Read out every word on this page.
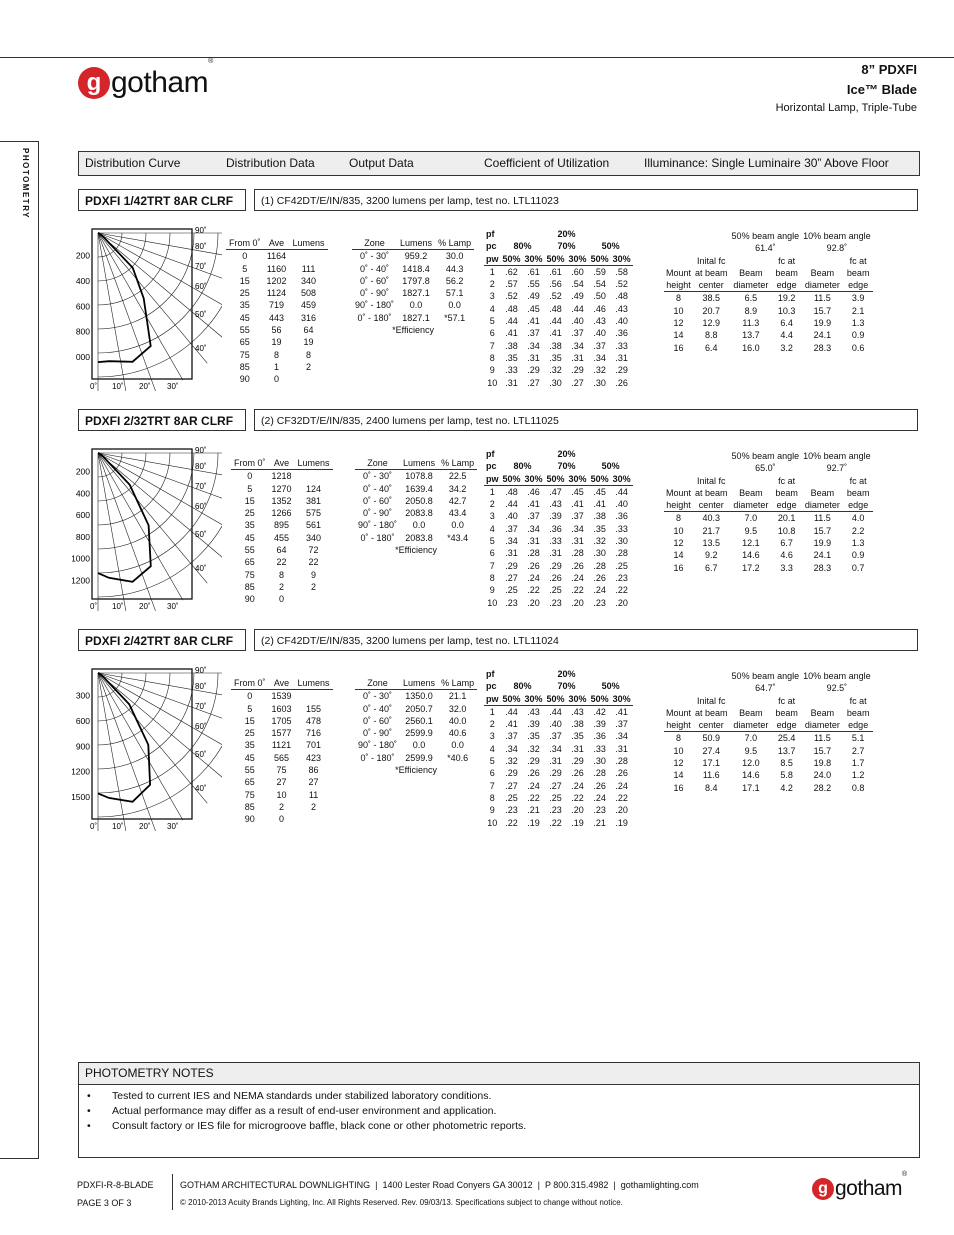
g gotham®
8” PDXFI
Ice™ Blade
Horizontal Lamp, Triple-Tube
PHOTOMETRY	Distribution Curve	Distribution Data	Output Data	Coefficient of Utilization	Illuminance: Single Luminaire 30” Above Floor
PDXFI 1/42TRT 8AR CLRF	(1) CF42DT/E/IN/835, 3200 lumens per lamp, test no. LTL11023
200
400
600
800
000
90˚
80˚
70˚
60˚
50˚
40˚
0˚ 10˚ 20˚ 30˚
From 0˚	Ave	Lumens
0	1164	
5	1160	111
15	1202	340
25	1124	508
35	719	459
45	443	316
55	56	64
65	19	19
75	8	8
85	1	2
90	0	
Zone	Lumens	% Lamp
0˚ - 30˚	959.2	30.0
0˚ - 40˚	1418.4	44.3
0˚ - 60˚	1797.8	56.2
0˚ - 90˚	1827.1	57.1
90˚ - 180˚	0.0	0.0
0˚ - 180˚	1827.1	*57.1
*Efficiency		
pf			20%			
pc	80%		70%		50%	
pw	50%	30%	50%	30%	50%	30%
1	.62	.61	.61	.60	.59	.58
2	.57	.55	.56	.54	.54	.52
3	.52	.49	.52	.49	.50	.48
4	.48	.45	.48	.44	.46	.43
5	.44	.41	.44	.40	.43	.40
6	.41	.37	.41	.37	.40	.36
7	.38	.34	.38	.34	.37	.33
8	.35	.31	.35	.31	.34	.31
9	.33	.29	.32	.29	.32	.29
10	.31	.27	.30	.27	.30	.26
		50% beam angle		10% beam angle	
		61.4˚		92.8˚	
	Inital fc		fc at		fc at
Mount	at beam	Beam	beam	Beam	beam
height	center	diameter	edge	diameter	edge
8	38.5	6.5	19.2	11.5	3.9
10	20.7	8.9	10.3	15.7	2.1
12	12.9	11.3	6.4	19.9	1.3
14	8.8	13.7	4.4	24.1	0.9
16	6.4	16.0	3.2	28.3	0.6
PDXFI 2/32TRT 8AR CLRF	(2) CF32DT/E/IN/835, 2400 lumens per lamp, test no. LTL11025
200
400
600
800
1000
1200
90˚
80˚
70˚
60˚
50˚
40˚
0˚ 10˚ 20˚ 30˚
From 0˚	Ave	Lumens
0	1218	
5	1270	124
15	1352	381
25	1266	575
35	895	561
45	455	340
55	64	72
65	22	22
75	8	9
85	2	2
90	0	
Zone	Lumens	% Lamp
0˚ - 30˚	1078.8	22.5
0˚ - 40˚	1639.4	34.2
0˚ - 60˚	2050.8	42.7
0˚ - 90˚	2083.8	43.4
90˚ - 180˚	0.0	0.0
0˚ - 180˚	2083.8	*43.4
*Efficiency		
pf			20%			
pc	80%		70%		50%	
pw	50%	30%	50%	30%	50%	30%
1	.48	.46	.47	.45	.45	.44
2	.44	.41	.43	.41	.41	.40
3	.40	.37	.39	.37	.38	.36
4	.37	.34	.36	.34	.35	.33
5	.34	.31	.33	.31	.32	.30
6	.31	.28	.31	.28	.30	.28
7	.29	.26	.29	.26	.28	.25
8	.27	.24	.26	.24	.26	.23
9	.25	.22	.25	.22	.24	.22
10	.23	.20	.23	.20	.23	.20
		50% beam angle		10% beam angle	
		65.0˚		92.7˚	
	Inital fc		fc at		fc at
Mount	at beam	Beam	beam	Beam	beam
height	center	diameter	edge	diameter	edge
8	40.3	7.0	20.1	11.5	4.0
10	21.7	9.5	10.8	15.7	2.2
12	13.5	12.1	6.7	19.9	1.3
14	9.2	14.6	4.6	24.1	0.9
16	6.7	17.2	3.3	28.3	0.7
PDXFI 2/42TRT 8AR CLRF	(2) CF42DT/E/IN/835, 3200 lumens per lamp, test no. LTL11024
300
600
900
1200
1500
90˚
80˚
70˚
60˚
50˚
40˚
0˚ 10˚ 20˚ 30˚
From 0˚	Ave	Lumens
0	1539	
5	1603	155
15	1705	478
25	1577	716
35	1121	701
45	565	423
55	75	86
65	27	27
75	10	11
85	2	2
90	0	
Zone	Lumens	% Lamp
0˚ - 30˚	1350.0	21.1
0˚ - 40˚	2050.7	32.0
0˚ - 60˚	2560.1	40.0
0˚ - 90˚	2599.9	40.6
90˚ - 180˚	0.0	0.0
0˚ - 180˚	2599.9	*40.6
*Efficiency		
pf			20%			
pc	80%		70%		50%	
pw	50%	30%	50%	30%	50%	30%
1	.44	.43	.44	.43	.42	.41
2	.41	.39	.40	.38	.39	.37
3	.37	.35	.37	.35	.36	.34
4	.34	.32	.34	.31	.33	.31
5	.32	.29	.31	.29	.30	.28
6	.29	.26	.29	.26	.28	.26
7	.27	.24	.27	.24	.26	.24
8	.25	.22	.25	.22	.24	.22
9	.23	.21	.23	.20	.23	.20
10	.22	.19	.22	.19	.21	.19
		50% beam angle		10% beam angle	
		64.7˚		92.5˚	
	Inital fc		fc at		fc at
Mount	at beam	Beam	beam	Beam	beam
height	center	diameter	edge	diameter	edge
8	50.9	7.0	25.4	11.5	5.1
10	27.4	9.5	13.7	15.7	2.7
12	17.1	12.0	8.5	19.8	1.7
14	11.6	14.6	5.8	24.0	1.2
16	8.4	17.1	4.2	28.2	0.8
PHOTOMETRY NOTES
• Tested to current IES and NEMA standards under stabilized laboratory conditions.
• Actual performance may differ as a result of end-user environment and application.
• Consult factory or IES file for microgroove baffle, black cone or other photometric reports.
PDXFI-R-8-BLADE
PAGE 3 OF 3
GOTHAM ARCHITECTURAL DOWNLIGHTING  |  1400 Lester Road Conyers GA 30012  |  P 800.315.4982  |  gothamlighting.com
© 2010-2013 Acuity Brands Lighting, Inc. All Rights Reserved. Rev. 09/03/13. Specifications subject to change without notice.
g gotham®
